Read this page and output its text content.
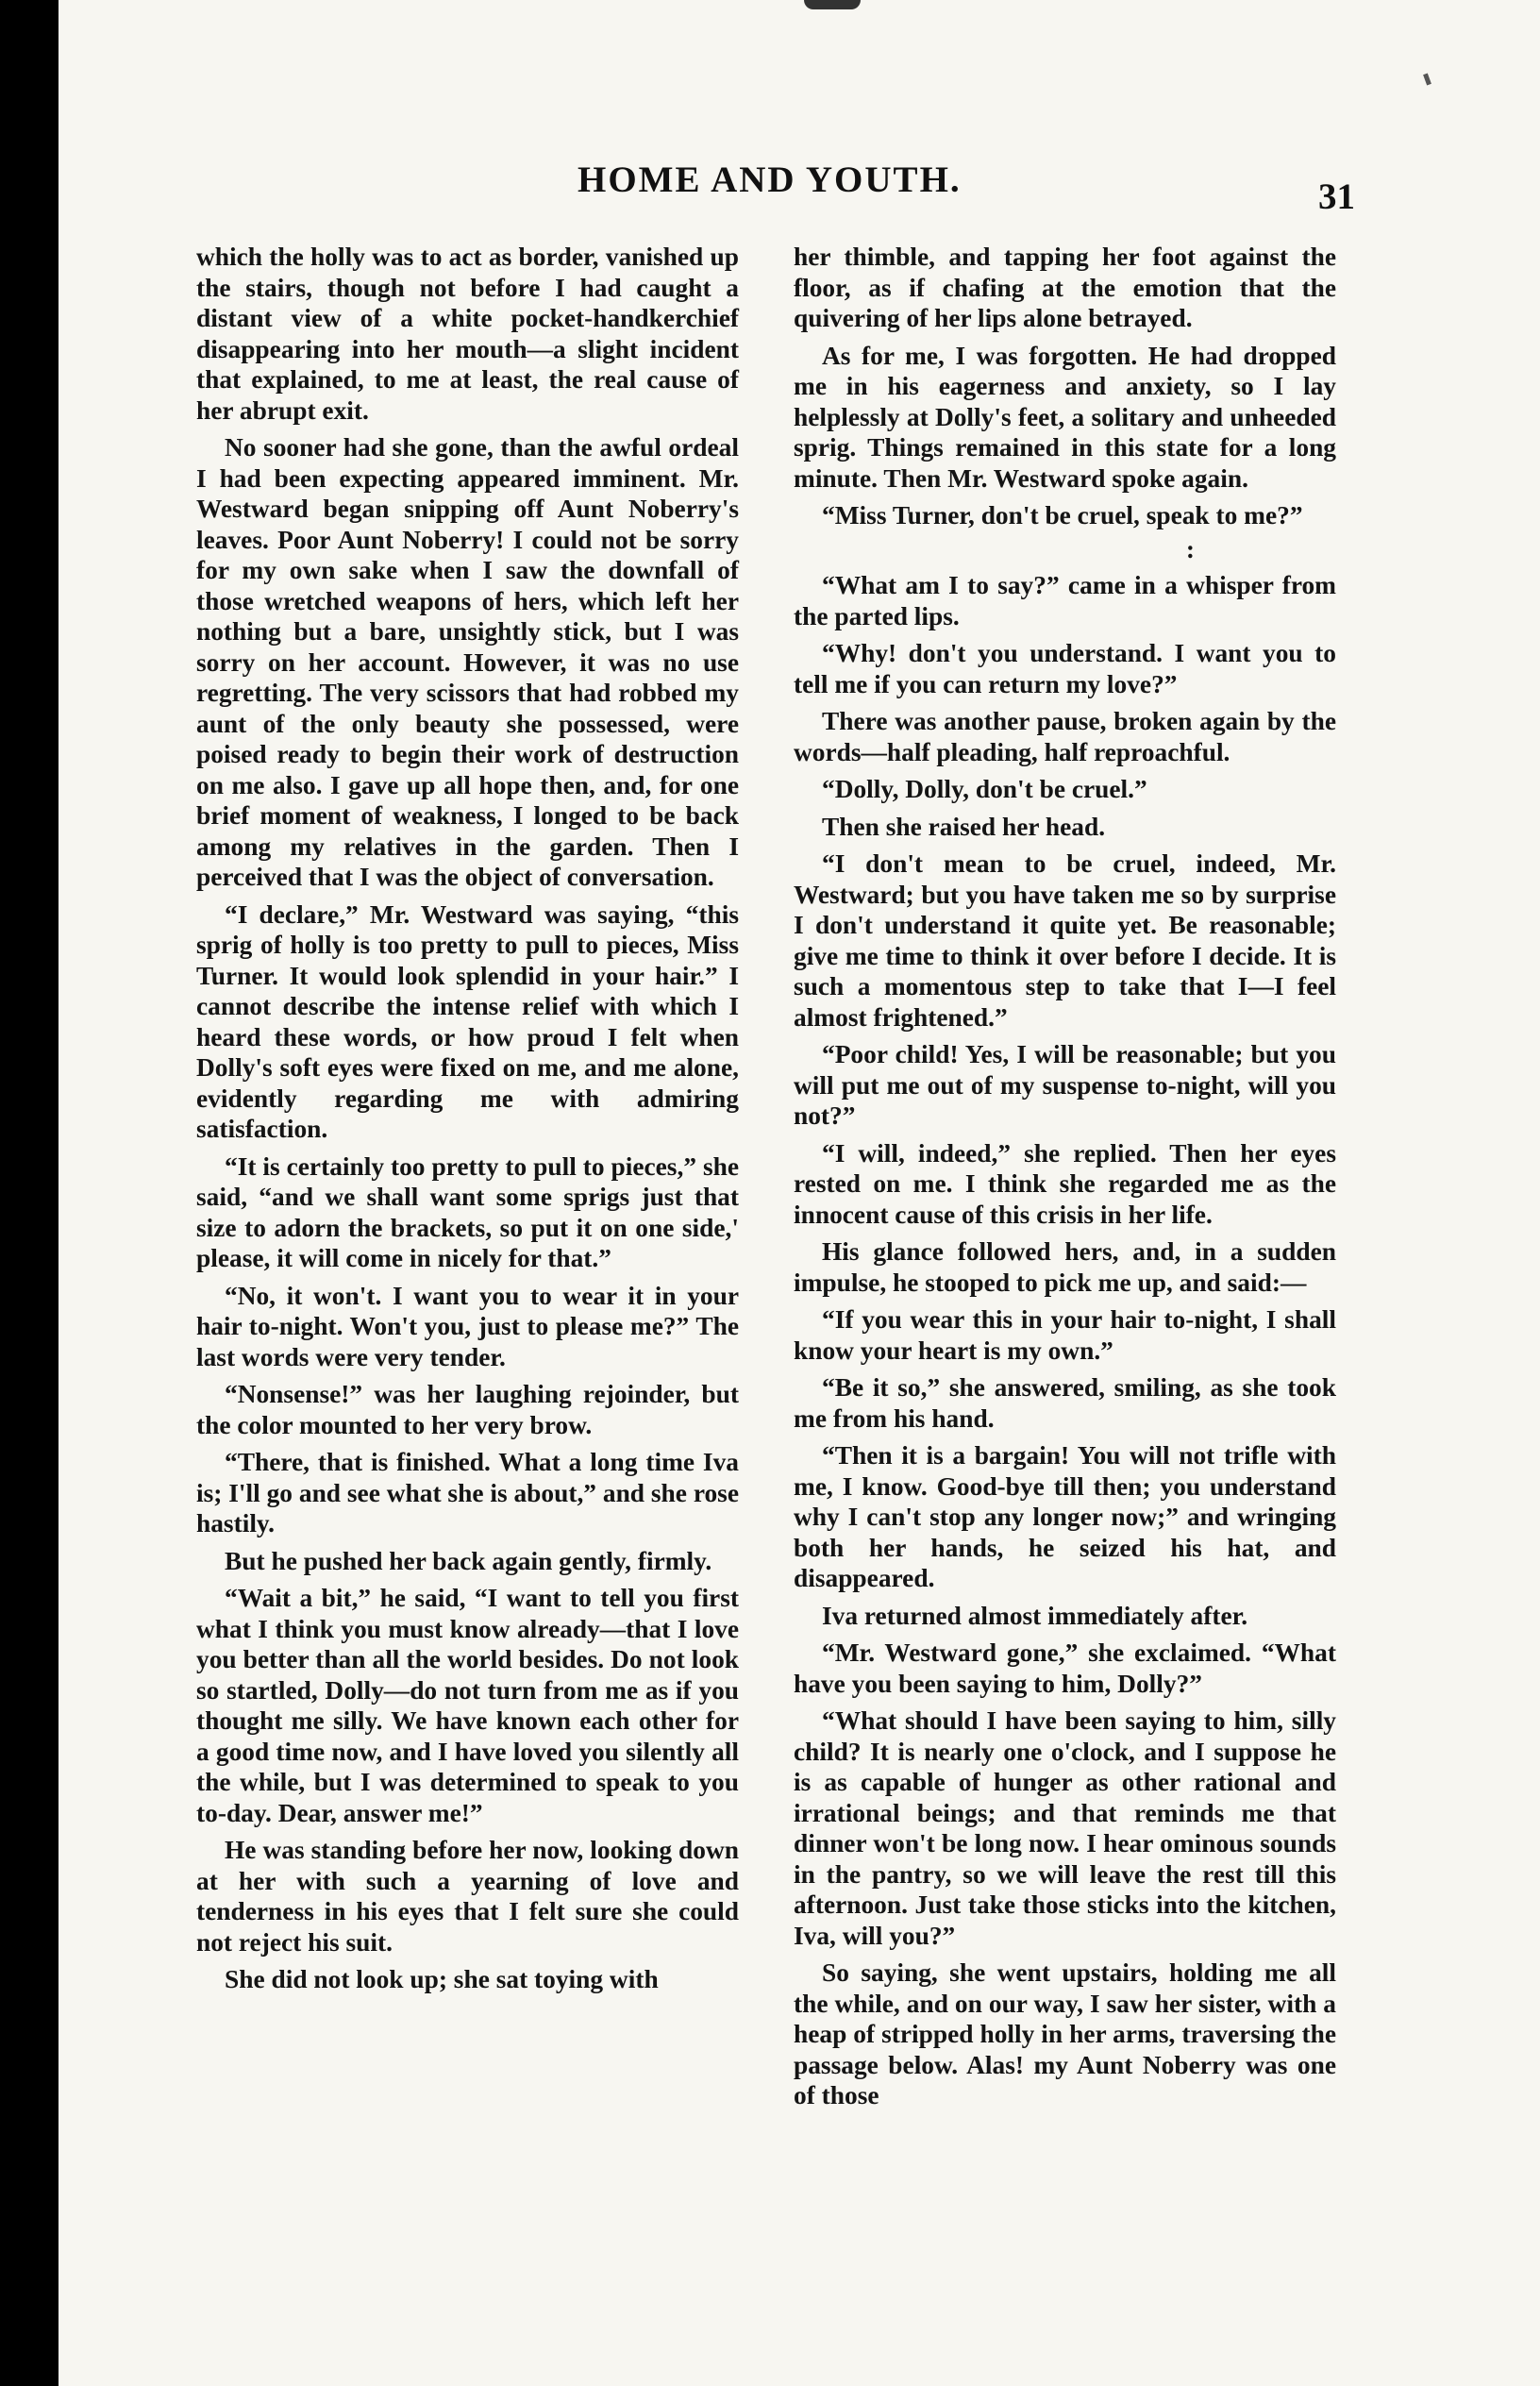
HOME AND YOUTH.	31

which the holly was to act as border, vanished up the stairs, though not before I had caught a distant view of a white pocket-handkerchief disappearing into her mouth—a slight incident that explained, to me at least, the real cause of her abrupt exit.

No sooner had she gone, than the awful ordeal I had been expecting appeared imminent. Mr. Westward began snipping off Aunt Noberry's leaves. Poor Aunt Noberry! I could not be sorry for my own sake when I saw the downfall of those wretched weapons of hers, which left her nothing but a bare, unsightly stick, but I was sorry on her account. However, it was no use regretting. The very scissors that had robbed my aunt of the only beauty she possessed, were poised ready to begin their work of destruction on me also. I gave up all hope then, and, for one brief moment of weakness, I longed to be back among my relatives in the garden. Then I perceived that I was the object of conversation.

“I declare,” Mr. Westward was saying, “this sprig of holly is too pretty to pull to pieces, Miss Turner. It would look splendid in your hair.” I cannot describe the intense relief with which I heard these words, or how proud I felt when Dolly's soft eyes were fixed on me, and me alone, evidently regarding me with admiring satisfaction.

“It is certainly too pretty to pull to pieces,” she said, “and we shall want some sprigs just that size to adorn the brackets, so put it on one side,' please, it will come in nicely for that.”

“No, it won't. I want you to wear it in your hair to-night. Won't you, just to please me?” The last words were very tender.

“Nonsense!” was her laughing rejoinder, but the color mounted to her very brow.

“There, that is finished. What a long time Iva is; I'll go and see what she is about,” and she rose hastily.

But he pushed her back again gently, firmly.

“Wait a bit,” he said, “I want to tell you first what I think you must know already—that I love you better than all the world besides. Do not look so startled, Dolly—do not turn from me as if you thought me silly. We have known each other for a good time now, and I have loved you silently all the while, but I was determined to speak to you to-day. Dear, answer me!”

He was standing before her now, looking down at her with such a yearning of love and tenderness in his eyes that I felt sure she could not reject his suit.

She did not look up; she sat toying with

her thimble, and tapping her foot against the floor, as if chafing at the emotion that the quivering of her lips alone betrayed.

As for me, I was forgotten. He had dropped me in his eagerness and anxiety, so I lay helplessly at Dolly's feet, a solitary and unheeded sprig. Things remained in this state for a long minute. Then Mr. Westward spoke again.

“Miss Turner, don't be cruel, speak to me?”

:

“What am I to say?” came in a whisper from the parted lips.

“Why! don't you understand. I want you to tell me if you can return my love?”

There was another pause, broken again by the words—half pleading, half reproachful.

“Dolly, Dolly, don't be cruel.”

Then she raised her head.

“I don't mean to be cruel, indeed, Mr. Westward; but you have taken me so by surprise I don't understand it quite yet. Be reasonable; give me time to think it over before I decide. It is such a momentous step to take that I—I feel almost frightened.”

“Poor child! Yes, I will be reasonable; but you will put me out of my suspense to-night, will you not?”

“I will, indeed,” she replied. Then her eyes rested on me. I think she regarded me as the innocent cause of this crisis in her life.

His glance followed hers, and, in a sudden impulse, he stooped to pick me up, and said:—

“If you wear this in your hair to-night, I shall know your heart is my own.”

“Be it so,” she answered, smiling, as she took me from his hand.

“Then it is a bargain! You will not trifle with me, I know. Good-bye till then; you understand why I can't stop any longer now;” and wringing both her hands, he seized his hat, and disappeared.

Iva returned almost immediately after.

“Mr. Westward gone,” she exclaimed. “What have you been saying to him, Dolly?”

“What should I have been saying to him, silly child? It is nearly one o'clock, and I suppose he is as capable of hunger as other rational and irrational beings; and that reminds me that dinner won't be long now. I hear ominous sounds in the pantry, so we will leave the rest till this afternoon. Just take those sticks into the kitchen, Iva, will you?”

So saying, she went upstairs, holding me all the while, and on our way, I saw her sister, with a heap of stripped holly in her arms, traversing the passage below. Alas! my Aunt Noberry was one of those
